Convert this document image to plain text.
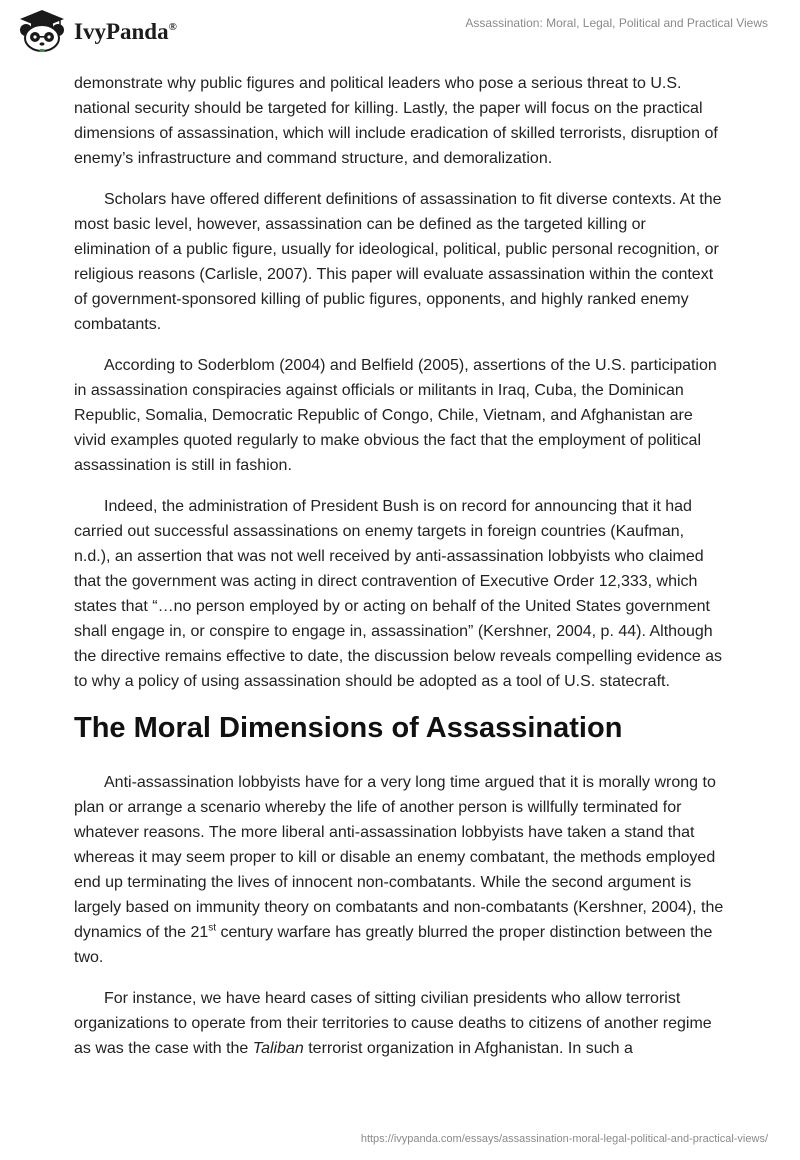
IvyPanda®	Assassination: Moral, Legal, Political and Practical Views

demonstrate why public figures and political leaders who pose a serious threat to U.S. national security should be targeted for killing. Lastly, the paper will focus on the practical dimensions of assassination, which will include eradication of skilled terrorists, disruption of enemy’s infrastructure and command structure, and demoralization.

Scholars have offered different definitions of assassination to fit diverse contexts. At the most basic level, however, assassination can be defined as the targeted killing or elimination of a public figure, usually for ideological, political, public personal recognition, or religious reasons (Carlisle, 2007). This paper will evaluate assassination within the context of government-sponsored killing of public figures, opponents, and highly ranked enemy combatants.

According to Soderblom (2004) and Belfield (2005), assertions of the U.S. participation in assassination conspiracies against officials or militants in Iraq, Cuba, the Dominican Republic, Somalia, Democratic Republic of Congo, Chile, Vietnam, and Afghanistan are vivid examples quoted regularly to make obvious the fact that the employment of political assassination is still in fashion.

Indeed, the administration of President Bush is on record for announcing that it had carried out successful assassinations on enemy targets in foreign countries (Kaufman, n.d.), an assertion that was not well received by anti-assassination lobbyists who claimed that the government was acting in direct contravention of Executive Order 12,333, which states that “…no person employed by or acting on behalf of the United States government shall engage in, or conspire to engage in, assassination” (Kershner, 2004, p. 44). Although the directive remains effective to date, the discussion below reveals compelling evidence as to why a policy of using assassination should be adopted as a tool of U.S. statecraft.

The Moral Dimensions of Assassination

Anti-assassination lobbyists have for a very long time argued that it is morally wrong to plan or arrange a scenario whereby the life of another person is willfully terminated for whatever reasons. The more liberal anti-assassination lobbyists have taken a stand that whereas it may seem proper to kill or disable an enemy combatant, the methods employed end up terminating the lives of innocent non-combatants. While the second argument is largely based on immunity theory on combatants and non-combatants (Kershner, 2004), the dynamics of the 21st century warfare has greatly blurred the proper distinction between the two.

For instance, we have heard cases of sitting civilian presidents who allow terrorist organizations to operate from their territories to cause deaths to citizens of another regime as was the case with the Taliban terrorist organization in Afghanistan. In such a

https://ivypanda.com/essays/assassination-moral-legal-political-and-practical-views/
